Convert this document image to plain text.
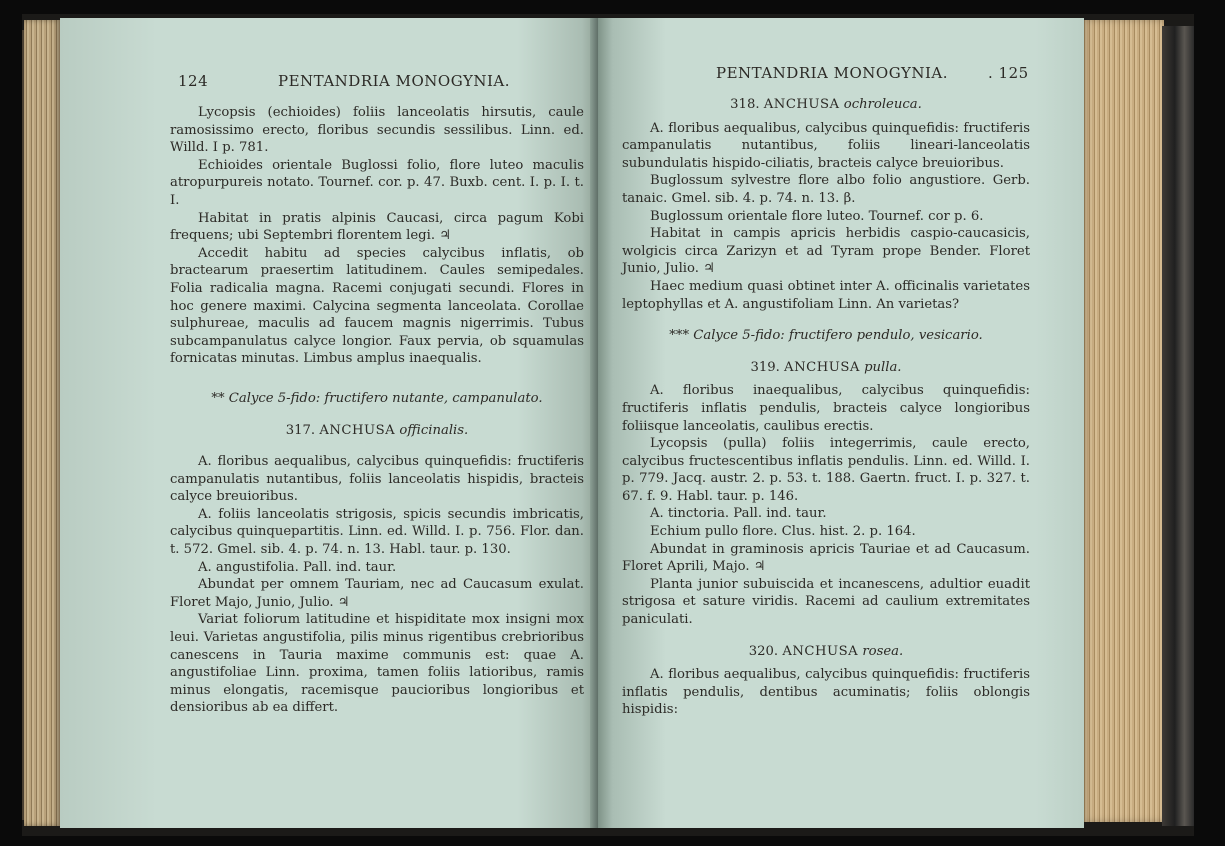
124	PENTANDRIA MONOGYNIA.

Lycopsis (echioides) foliis lanceolatis hirsutis, caule ramosissimo erecto, floribus secundis sessilibus. Linn. ed. Willd. I p. 781.

Echioides orientale Buglossi folio, flore luteo maculis atropurpureis notato. Tournef. cor. p. 47. Buxb. cent. I. p. I. t. I.

Habitat in pratis alpinis Caucasi, circa pagum Kobi frequens; ubi Septembri florentem legi. ♃

Accedit habitu ad species calycibus inflatis, ob bractearum praesertim latitudinem. Caules semipedales. Folia radicalia magna. Racemi conjugati secundi. Flores in hoc genere maximi. Calycina segmenta lanceolata. Corollae sulphureae, maculis ad faucem magnis nigerrimis. Tubus subcampanulatus calyce longior. Faux pervia, ob squamulas fornicatas minutas. Limbus amplus inaequalis.

** Calyce 5-fido: fructifero nutante, campanulato.

317. ANCHUSA officinalis.

A. floribus aequalibus, calycibus quinquefidis: fructiferis campanulatis nutantibus, foliis lanceolatis hispidis, bracteis calyce breuioribus.

A. foliis lanceolatis strigosis, spicis secundis imbricatis, calycibus quinquepartitis. Linn. ed. Willd. I. p. 756. Flor. dan. t. 572. Gmel. sib. 4. p. 74. n. 13. Habl. taur. p. 130.

A. angustifolia. Pall. ind. taur.

Abundat per omnem Tauriam, nec ad Caucasum exulat. Floret Majo, Junio, Julio. ♃

Variat foliorum latitudine et hispiditate mox insigni mox leui. Varietas angustifolia, pilis minus rigentibus crebrioribus canescens in Tauria maxime communis est: quae A. angustifoliae Linn. proxima, tamen foliis latioribus, ramis minus elongatis, racemisque paucioribus longioribus et densioribus ab ea differt.

PENTANDRIA MONOGYNIA.	. 125

318. ANCHUSA ochroleuca.

A. floribus aequalibus, calycibus quinquefidis: fructiferis campanulatis nutantibus, foliis lineari-lanceolatis subundulatis hispido-ciliatis, bracteis calyce breuioribus.

Buglossum sylvestre flore albo folio angustiore. Gerb. tanaic. Gmel. sib. 4. p. 74. n. 13. β.

Buglossum orientale flore luteo. Tournef. cor p. 6.

Habitat in campis apricis herbidis caspio-caucasicis, wolgicis circa Zarizyn et ad Tyram prope Bender. Floret Junio, Julio. ♃

Haec medium quasi obtinet inter A. officinalis varietates leptophyllas et A. angustifoliam Linn. An varietas?

*** Calyce 5-fido: fructifero pendulo, vesicario.

319. ANCHUSA pulla.

A. floribus inaequalibus, calycibus quinquefidis: fructiferis inflatis pendulis, bracteis calyce longioribus foliisque lanceolatis, caulibus erectis.

Lycopsis (pulla) foliis integerrimis, caule erecto, calycibus fructescentibus inflatis pendulis. Linn. ed. Willd. I. p. 779. Jacq. austr. 2. p. 53. t. 188. Gaertn. fruct. I. p. 327. t. 67. f. 9. Habl. taur. p. 146.

A. tinctoria. Pall. ind. taur.

Echium pullo flore. Clus. hist. 2. p. 164.

Abundat in graminosis apricis Tauriae et ad Caucasum. Floret Aprili, Majo. ♃

Planta junior subuiscida et incanescens, adultior euadit strigosa et sature viridis. Racemi ad caulium extremitates paniculati.

320. ANCHUSA rosea.

A. floribus aequalibus, calycibus quinquefidis: fructiferis inflatis pendulis, dentibus acuminatis; foliis oblongis hispidis:
